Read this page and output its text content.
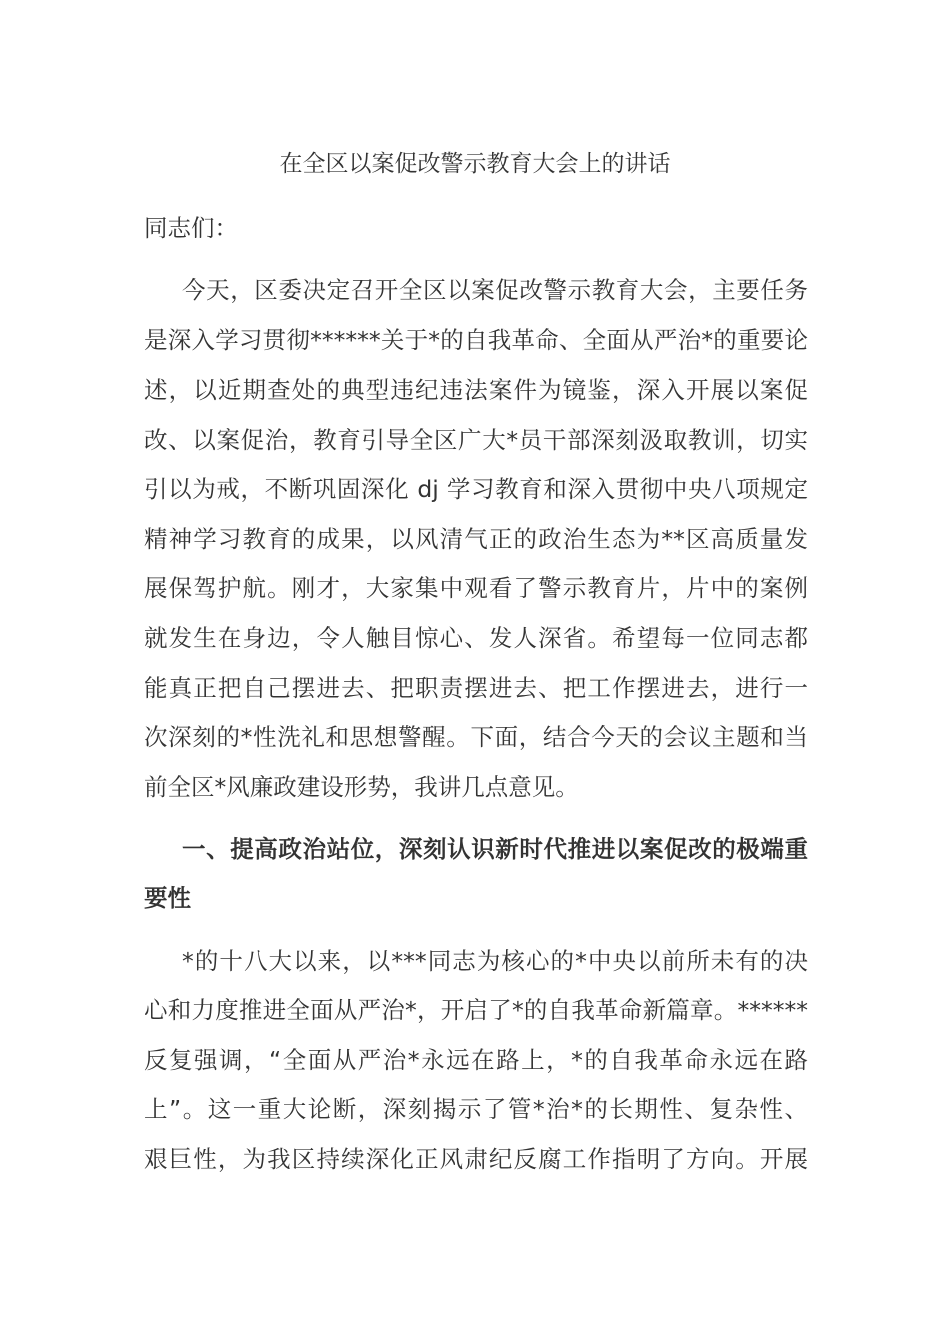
在全区以案促改警示教育大会上的讲话
同志们：
今天，区委决定召开全区以案促改警示教育大会，主要任务
是深入学习贯彻******关于*的自我革命、全面从严治*的重要论
述，以近期查处的典型违纪违法案件为镜鉴，深入开展以案促
改、以案促治，教育引导全区广大*员干部深刻汲取教训，切实
引以为戒，不断巩固深化 dj 学习教育和深入贯彻中央八项规定
精神学习教育的成果，以风清气正的政治生态为**区高质量发
展保驾护航。刚才，大家集中观看了警示教育片，片中的案例
就发生在身边，令人触目惊心、发人深省。希望每一位同志都
能真正把自己摆进去、把职责摆进去、把工作摆进去，进行一
次深刻的*性洗礼和思想警醒。下面，结合今天的会议主题和当
前全区*风廉政建设形势，我讲几点意见。
一、提高政治站位，深刻认识新时代推进以案促改的极端重
要性
*的十八大以来，以***同志为核心的*中央以前所未有的决
心和力度推进全面从严治*，开启了*的自我革命新篇章。******
反复强调，“全面从严治*永远在路上，*的自我革命永远在路
上”。这一重大论断，深刻揭示了管*治*的长期性、复杂性、
艰巨性，为我区持续深化正风肃纪反腐工作指明了方向。开展
